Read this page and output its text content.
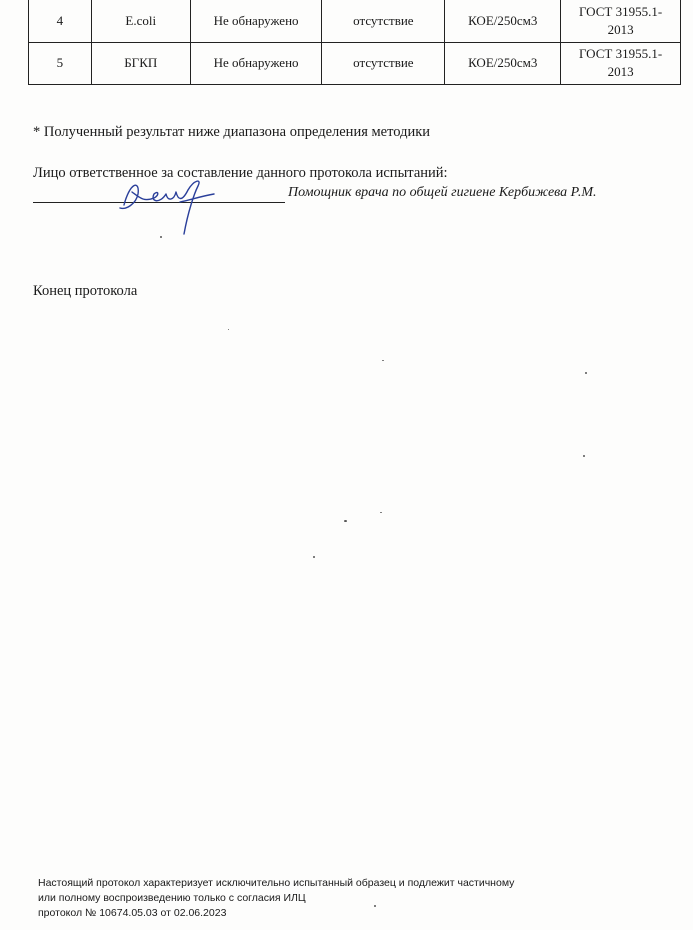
4	E.coli	Не обнаружено	отсутствие	КОЕ/250см3	ГОСТ 31955.1-
2013
5	БГКП	Не обнаружено	отсутствие	КОЕ/250см3	ГОСТ 31955.1-
2013
* Полученный результат ниже диапазона определения методики
Лицо ответственное за составление данного протокола испытаний:
Помощник врача по общей гигиене Кербижева Р.М.
Конец протокола
Настоящий протокол характеризует исключительно испытанный образец и подлежит частичному
или полному воспроизведению только с согласия ИЛЦ
протокол № 10674.05.03 от 02.06.2023
